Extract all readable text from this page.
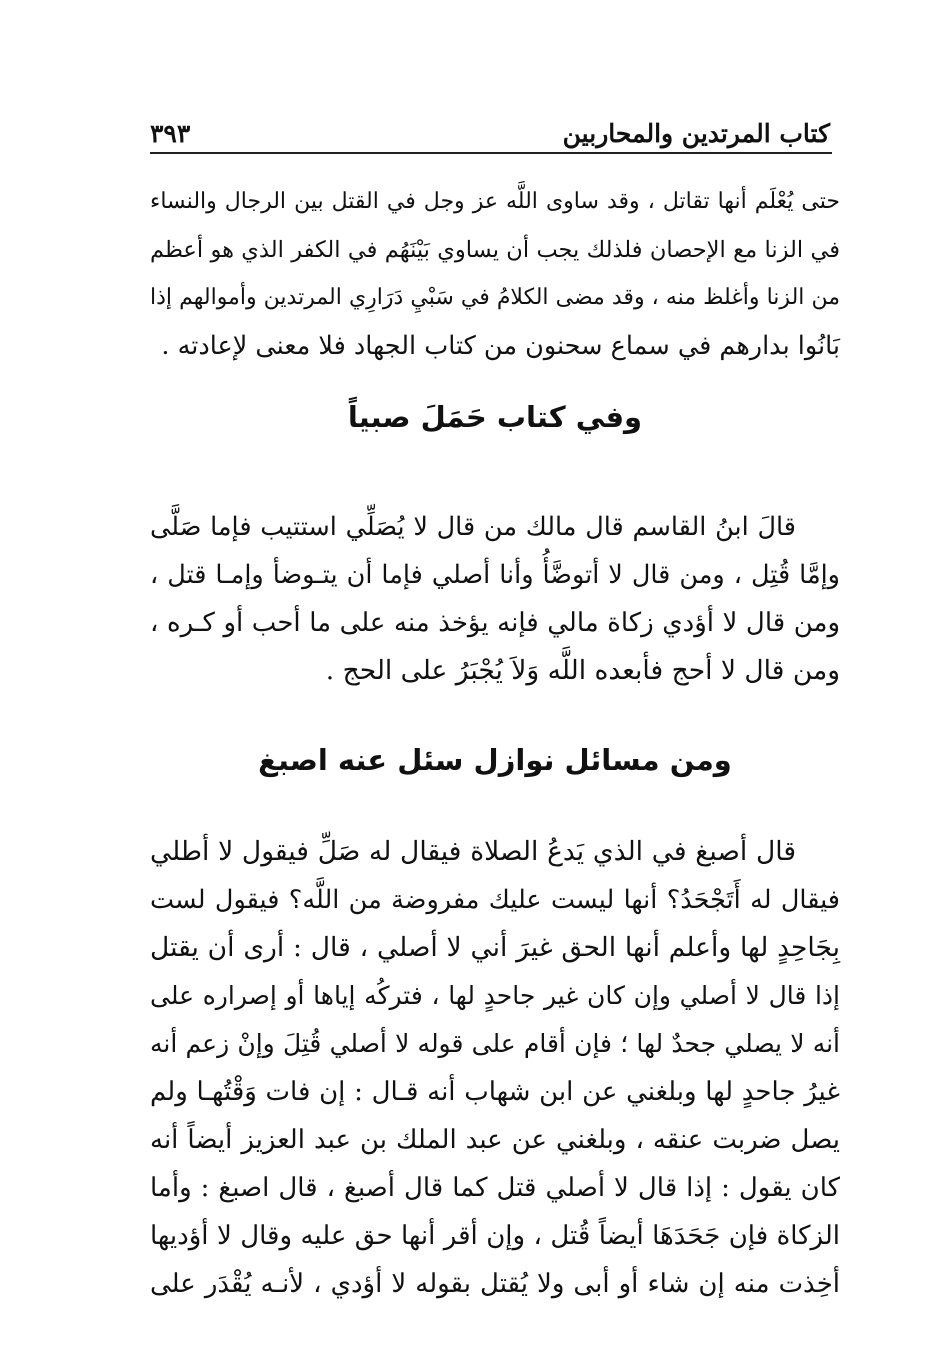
كتاب المرتدين والمحاربين
٣٩٣

حتى يُعْلَم أنها تقاتل ، وقد ساوى اللَّه عز وجل في القتل بين الرجال والنساء
في الزنا مع الإحصان فلذلك يجب أن يساوي بَيْنَهُم في الكفر الذي هو أعظم
من الزنا وأغلظ منه ، وقد مضى الكلامُ في سَبْيِ دَرَارِي المرتدين وأموالهم إذا
بَانُوا بدارهم في سماع سحنون من كتاب الجهاد فلا معنى لإعادته .

وفي كتاب حَمَلَ صبياً

قالَ ابنُ القاسم قال مالك من قال لا يُصَلِّي استتيب فإما صَلَّى
وإمَّا قُتِل ، ومن قال لا أتوضَّأُ وأنا أصلي فإما أن يتـوضأ وإمـا قتل ،
ومن قال لا أؤدي زكاة مالي فإنه يؤخذ منه على ما أحب أو كـره ،
ومن قال لا أحج فأبعده اللَّه وَلاَ يُجْبَرُ على الحج .

ومن مسائل نوازل سئل عنه اصبغ

قال أصبغ في الذي يَدعُ الصلاة فيقال له صَلِّ فيقول لا أطلي
فيقال له أَتَجْحَدُ؟ أنها ليست عليك مفروضة من اللَّه؟ فيقول لست
بِجَاحِدٍ لها وأعلم أنها الحق غيرَ أني لا أصلي ، قال : أرى أن يقتل
إذا قال لا أصلي وإن كان غير جاحدٍ لها ، فتركُه إياها أو إصراره على
أنه لا يصلي جحدٌ لها ؛ فإن أقام على قوله لا أصلي قُتِلَ وإنْ زعم أنه
غيرُ جاحدٍ لها وبلغني عن ابن شهاب أنه قـال : إن فات وَقْتُهـا ولم
يصل ضربت عنقه ، وبلغني عن عبد الملك بن عبد العزيز أيضاً أنه
كان يقول : إذا قال لا أصلي قتل كما قال أصبغ ، قال اصبغ : وأما
الزكاة فإن جَحَدَهَا أيضاً قُتل ، وإن أقر أنها حق عليه وقال لا أؤديها
أخِذت منه إن شاء أو أبى ولا يُقتل بقوله لا أؤدي ، لأنـه يُقْدَر على
